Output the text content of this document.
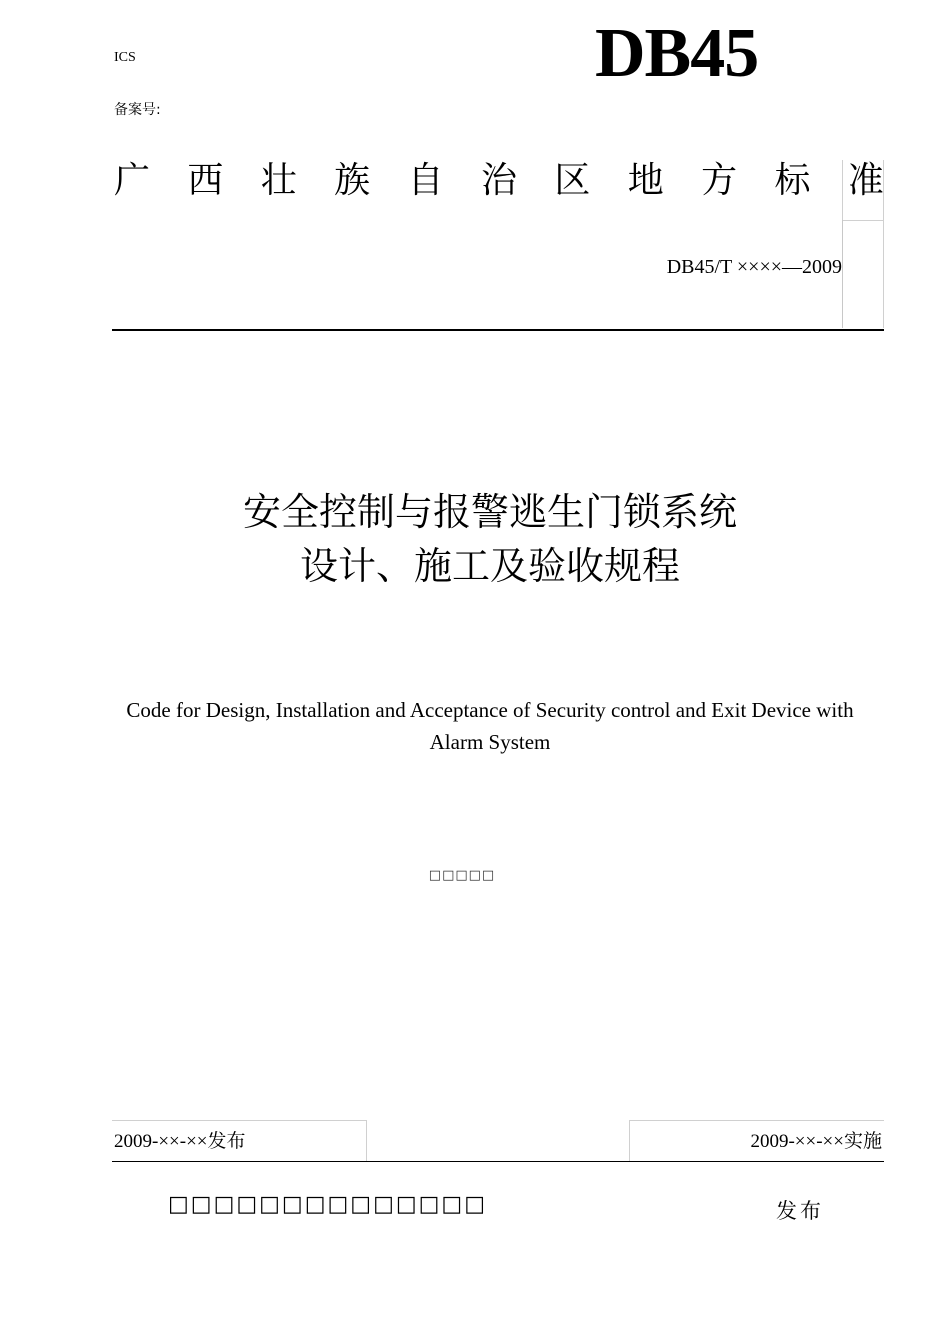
ICS
备案号:
DB45
广 西 壮 族 自 治 区 地 方 标 准
DB45/T ××××—2009
安全控制与报警逃生门锁系统
设计、施工及验收规程
Code for Design, Installation and Acceptance of Security control and Exit Device with Alarm System
□□□□□
2009-××-××发布	2009-××-××实施
□□□□□□□□□□□□□□	发布
